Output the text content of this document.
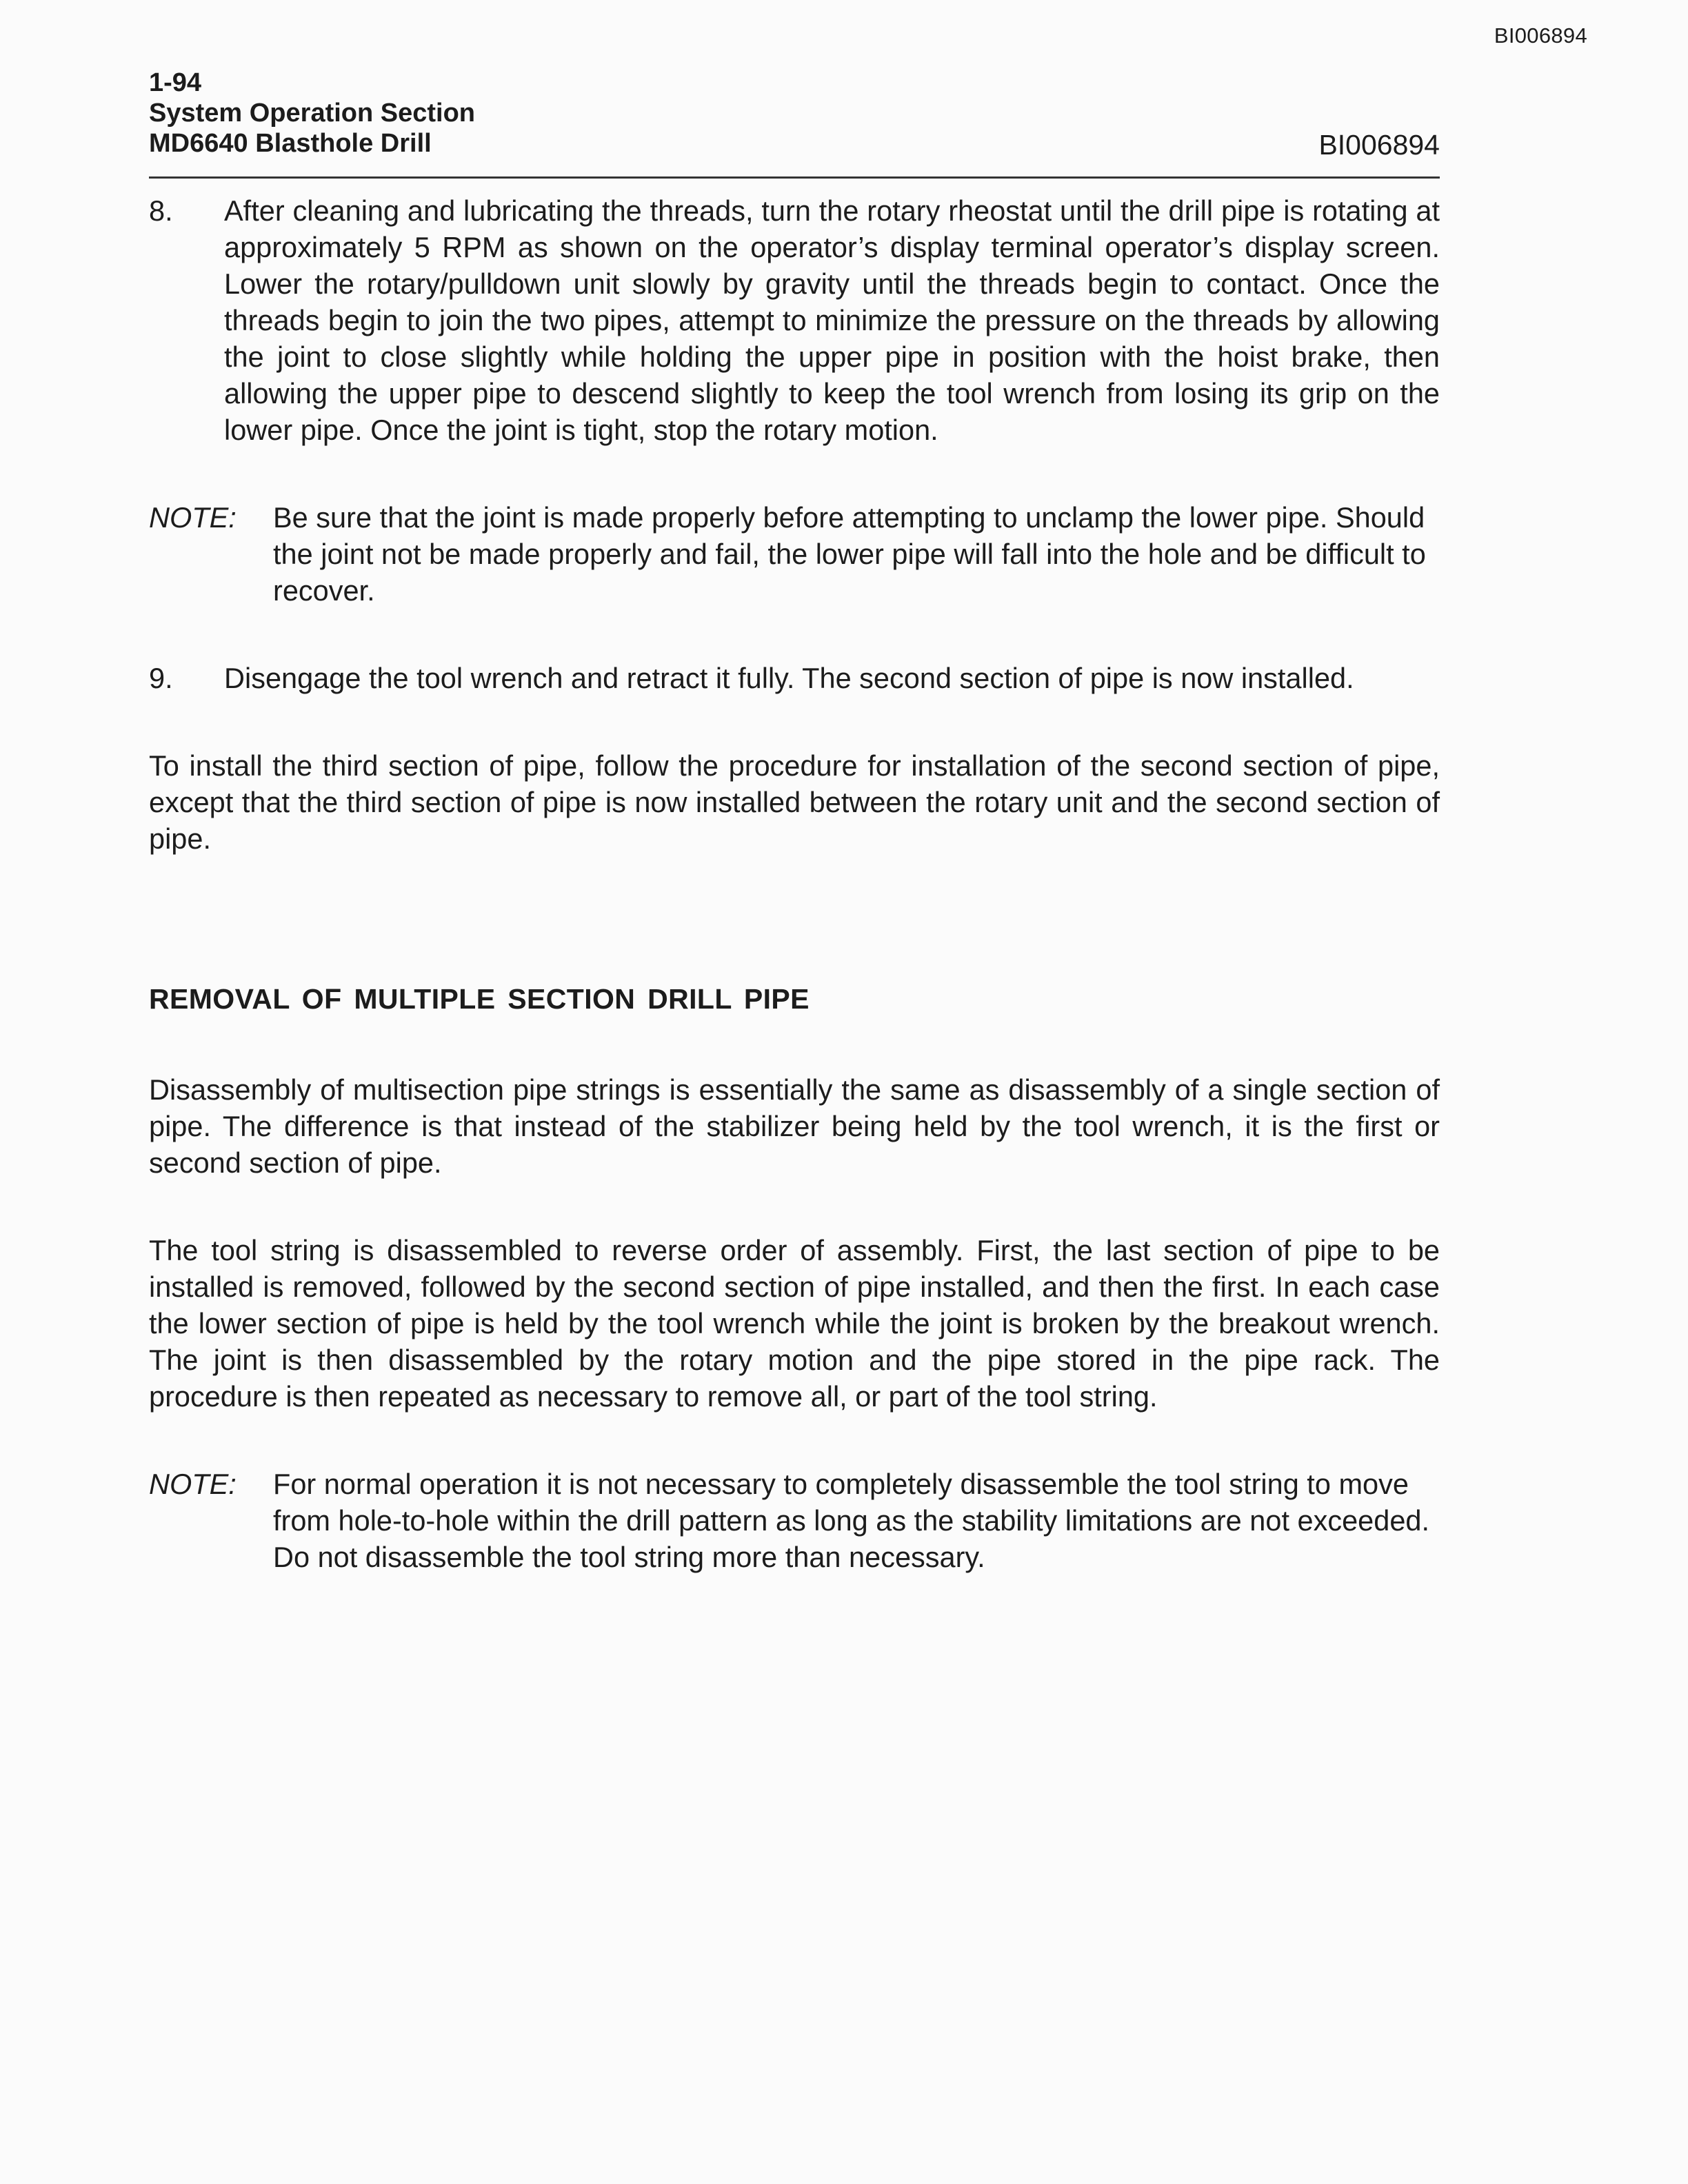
BI006894
1-94
System Operation Section
MD6640 Blasthole Drill	BI006894
8. After cleaning and lubricating the threads, turn the rotary rheostat until the drill pipe is rotating at approximately 5 RPM as shown on the operator’s display terminal operator’s display screen. Lower the rotary/pulldown unit slowly by gravity until the threads begin to contact. Once the threads begin to join the two pipes, attempt to minimize the pressure on the threads by allowing the joint to close slightly while holding the upper pipe in position with the hoist brake, then allowing the upper pipe to descend slightly to keep the tool wrench from losing its grip on the lower pipe. Once the joint is tight, stop the rotary motion.
NOTE: Be sure that the joint is made properly before attempting to unclamp the lower pipe. Should the joint not be made properly and fail, the lower pipe will fall into the hole and be difficult to recover.
9. Disengage the tool wrench and retract it fully. The second section of pipe is now installed.
To install the third section of pipe, follow the procedure for installation of the second section of pipe, except that the third section of pipe is now installed between the rotary unit and the second section of pipe.
REMOVAL OF MULTIPLE SECTION DRILL PIPE
Disassembly of multisection pipe strings is essentially the same as disassembly of a single section of pipe. The difference is that instead of the stabilizer being held by the tool wrench, it is the first or second section of pipe.
The tool string is disassembled to reverse order of assembly. First, the last section of pipe to be installed is removed, followed by the second section of pipe installed, and then the first. In each case the lower section of pipe is held by the tool wrench while the joint is broken by the breakout wrench. The joint is then disassembled by the rotary motion and the pipe stored in the pipe rack. The procedure is then repeated as necessary to remove all, or part of the tool string.
NOTE: For normal operation it is not necessary to completely disassemble the tool string to move from hole-to-hole within the drill pattern as long as the stability limitations are not exceeded. Do not disassemble the tool string more than necessary.
